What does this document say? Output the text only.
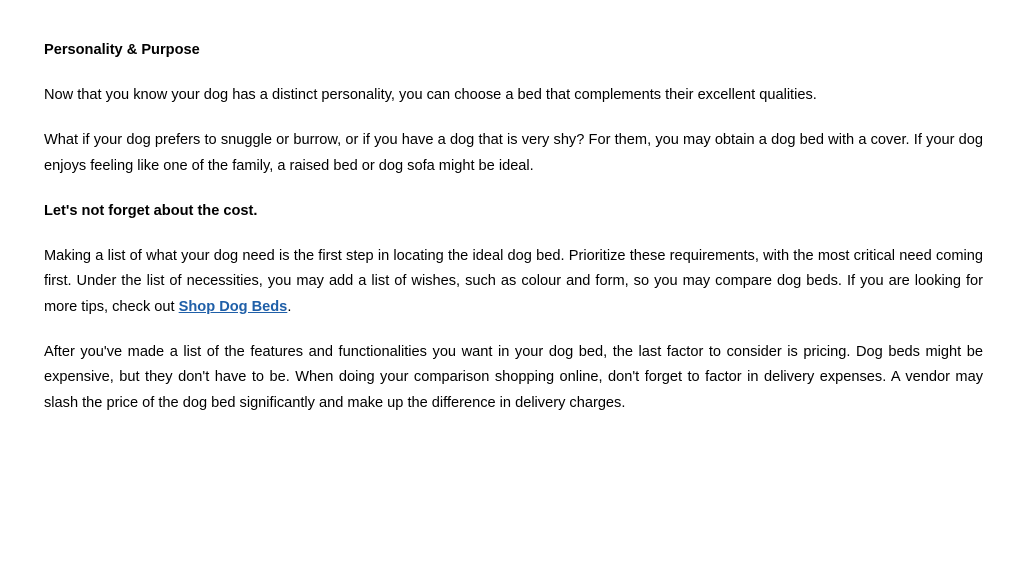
Personality & Purpose

Now that you know your dog has a distinct personality, you can choose a bed that complements their excellent qualities.

What if your dog prefers to snuggle or burrow, or if you have a dog that is very shy? For them, you may obtain a dog bed with a cover. If your dog enjoys feeling like one of the family, a raised bed or dog sofa might be ideal.

Let's not forget about the cost.

Making a list of what your dog need is the first step in locating the ideal dog bed. Prioritize these requirements, with the most critical need coming first. Under the list of necessities, you may add a list of wishes, such as colour and form, so you may compare dog beds. If you are looking for more tips, check out Shop Dog Beds.

After you've made a list of the features and functionalities you want in your dog bed, the last factor to consider is pricing. Dog beds might be expensive, but they don't have to be. When doing your comparison shopping online, don't forget to factor in delivery expenses. A vendor may slash the price of the dog bed significantly and make up the difference in delivery charges.
